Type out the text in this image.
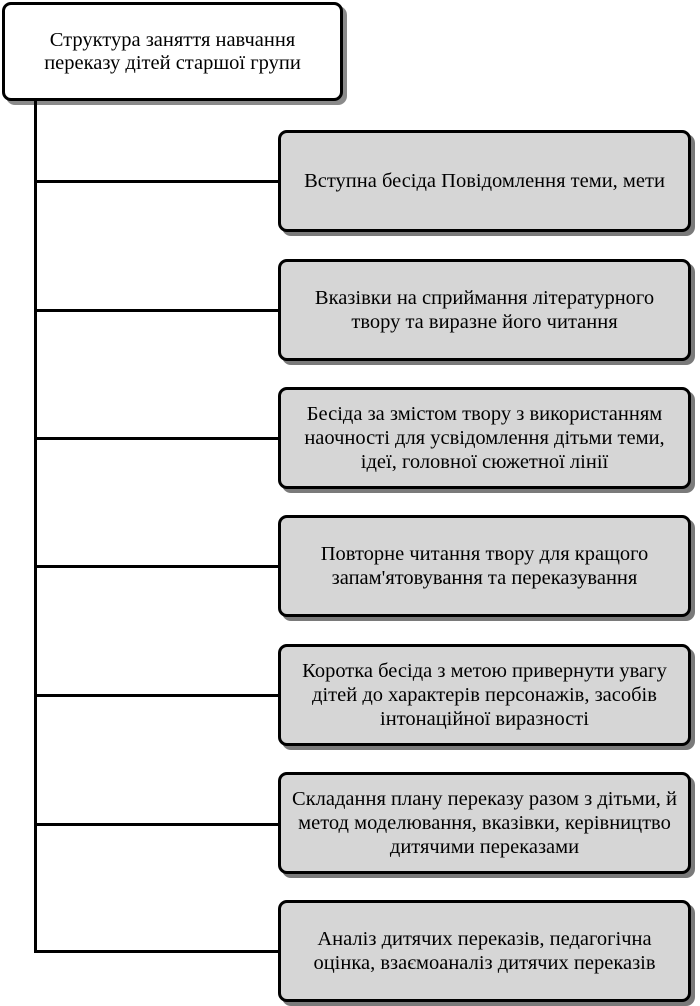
Структура заняття навчання переказу дітей старшої групи
Вступна бесіда Повідомлення теми, мети
Вказівки на сприймання літературного твору та виразне його читання
Бесіда за змістом твору з використанням наочності для усвідомлення дітьми теми, ідеї, головної сюжетної лінії
Повторне читання твору для кращого запам'ятовування та переказування
Коротка бесіда з метою привернути увагу дітей до характерів персонажів, засобів інтонаційної виразності
Складання плану переказу разом з дітьми, й метод моделювання, вказівки, керівництво дитячими переказами
Аналіз дитячих переказів, педагогічна оцінка, взаємоаналіз дитячих переказів
